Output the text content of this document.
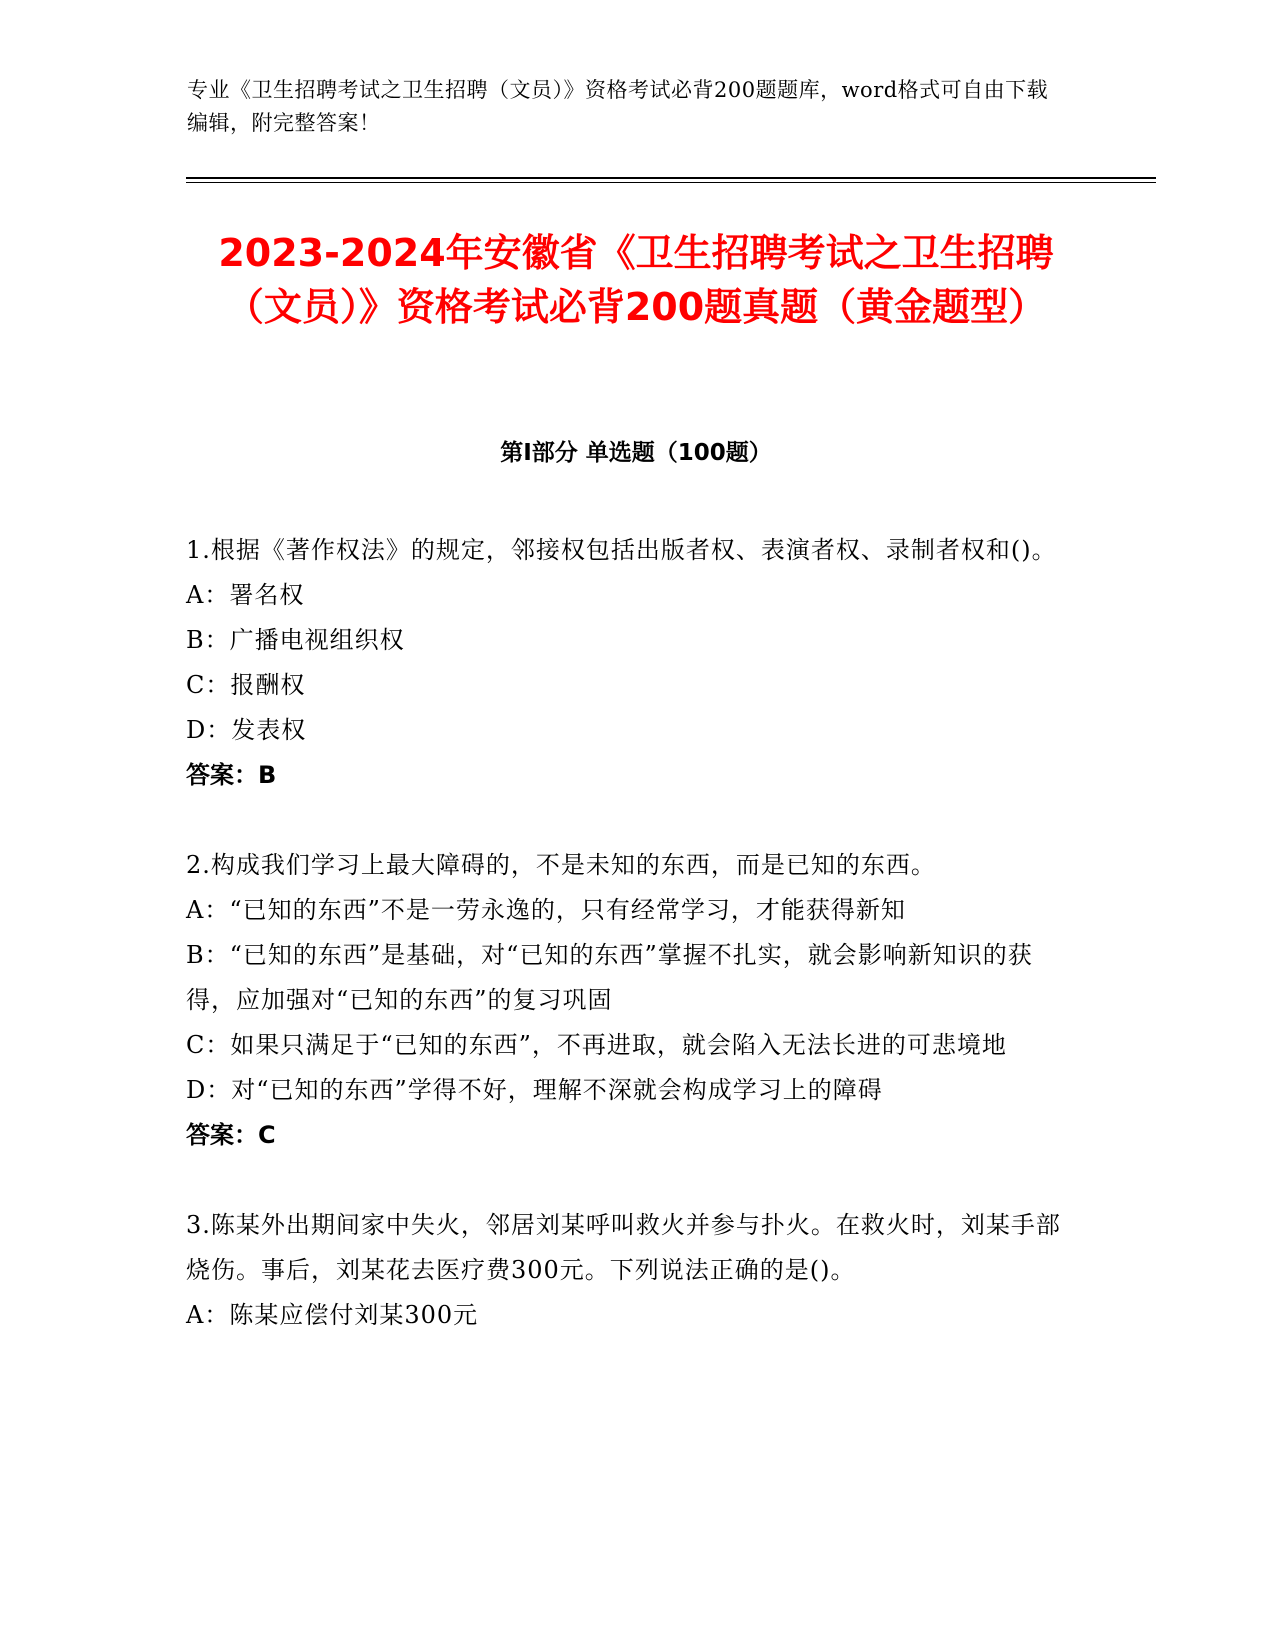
专业《卫生招聘考试之卫生招聘（文员）》资格考试必背200题题库，word格式可自由下载编辑，附完整答案！
2023-2024年安徽省《卫生招聘考试之卫生招聘（文员）》资格考试必背200题真题（黄金题型）
第I部分 单选题（100题）

1.根据《著作权法》的规定，邻接权包括出版者权、表演者权、录制者权和()。

A：署名权

B：广播电视组织权

C：报酬权

D：发表权

答案：B

2.构成我们学习上最大障碍的，不是未知的东西，而是已知的东西。

A：“已知的东西”不是一劳永逸的，只有经常学习，才能获得新知

B：“已知的东西”是基础，对“已知的东西”掌握不扎实，就会影响新知识的获得，应加强对“已知的东西”的复习巩固

C：如果只满足于“已知的东西”，不再进取，就会陷入无法长进的可悲境地

D：对“已知的东西”学得不好，理解不深就会构成学习上的障碍

答案：C

3.陈某外出期间家中失火，邻居刘某呼叫救火并参与扑火。在救火时，刘某手部烧伤。事后，刘某花去医疗费300元。下列说法正确的是()。

A：陈某应偿付刘某300元
